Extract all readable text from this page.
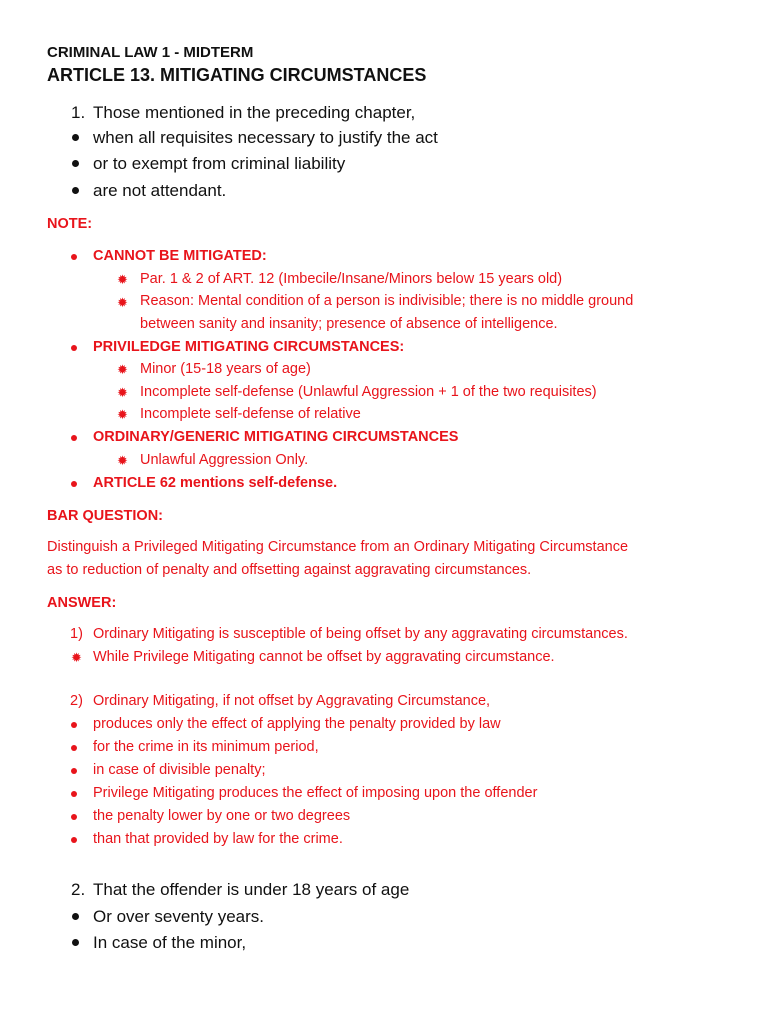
CRIMINAL LAW 1 - MIDTERM
ARTICLE 13. MITIGATING CIRCUMSTANCES
1. Those mentioned in the preceding chapter,
when all requisites necessary to justify the act
or to exempt from criminal liability
are not attendant.
NOTE:
CANNOT BE MITIGATED:
✹ Par. 1 & 2 of ART. 12 (Imbecile/Insane/Minors below 15 years old)
✹ Reason: Mental condition of a person is indivisible; there is no middle ground
between sanity and insanity; presence of absence of intelligence.
PRIVILEDGE MITIGATING CIRCUMSTANCES:
✹ Minor (15-18 years of age)
✹ Incomplete self-defense (Unlawful Aggression + 1 of the two requisites)
✹ Incomplete self-defense of relative
ORDINARY/GENERIC MITIGATING CIRCUMSTANCES
✹ Unlawful Aggression Only.
ARTICLE 62 mentions self-defense.
BAR QUESTION:
Distinguish a Privileged Mitigating Circumstance from an Ordinary Mitigating Circumstance
as to reduction of penalty and offsetting against aggravating circumstances.
ANSWER:
1) Ordinary Mitigating is susceptible of being offset by any aggravating circumstances.
✹ While Privilege Mitigating cannot be offset by aggravating circumstance.
2) Ordinary Mitigating, if not offset by Aggravating Circumstance,
produces only the effect of applying the penalty provided by law
for the crime in its minimum period,
in case of divisible penalty;
Privilege Mitigating produces the effect of imposing upon the offender
the penalty lower by one or two degrees
than that provided by law for the crime.
2. That the offender is under 18 years of age
Or over seventy years.
In case of the minor,
